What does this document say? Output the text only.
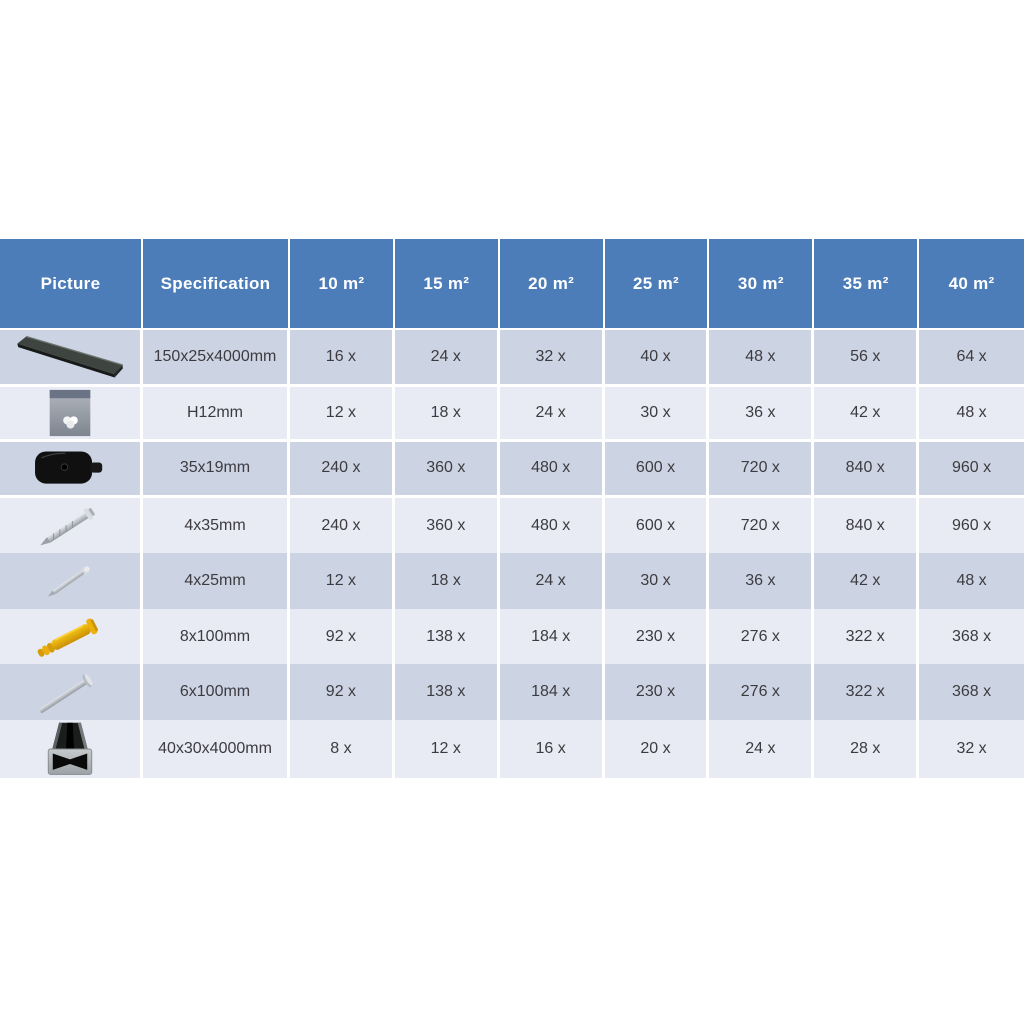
Picture	Specification	10 m²	15 m²	20 m²	25 m²	30 m²	35 m²	40 m²
150x25x4000mm	16 x	24 x	32 x	40 x	48 x	56 x	64 x
H12mm	12 x	18 x	24 x	30 x	36 x	42 x	48 x
35x19mm	240 x	360 x	480 x	600 x	720 x	840 x	960 x
4x35mm	240 x	360 x	480 x	600 x	720 x	840 x	960 x
4x25mm	12 x	18 x	24 x	30 x	36 x	42 x	48 x
8x100mm	92 x	138 x	184 x	230 x	276 x	322 x	368 x
6x100mm	92 x	138 x	184 x	230 x	276 x	322 x	368 x
40x30x4000mm	8 x	12 x	16 x	20 x	24 x	28 x	32 x
